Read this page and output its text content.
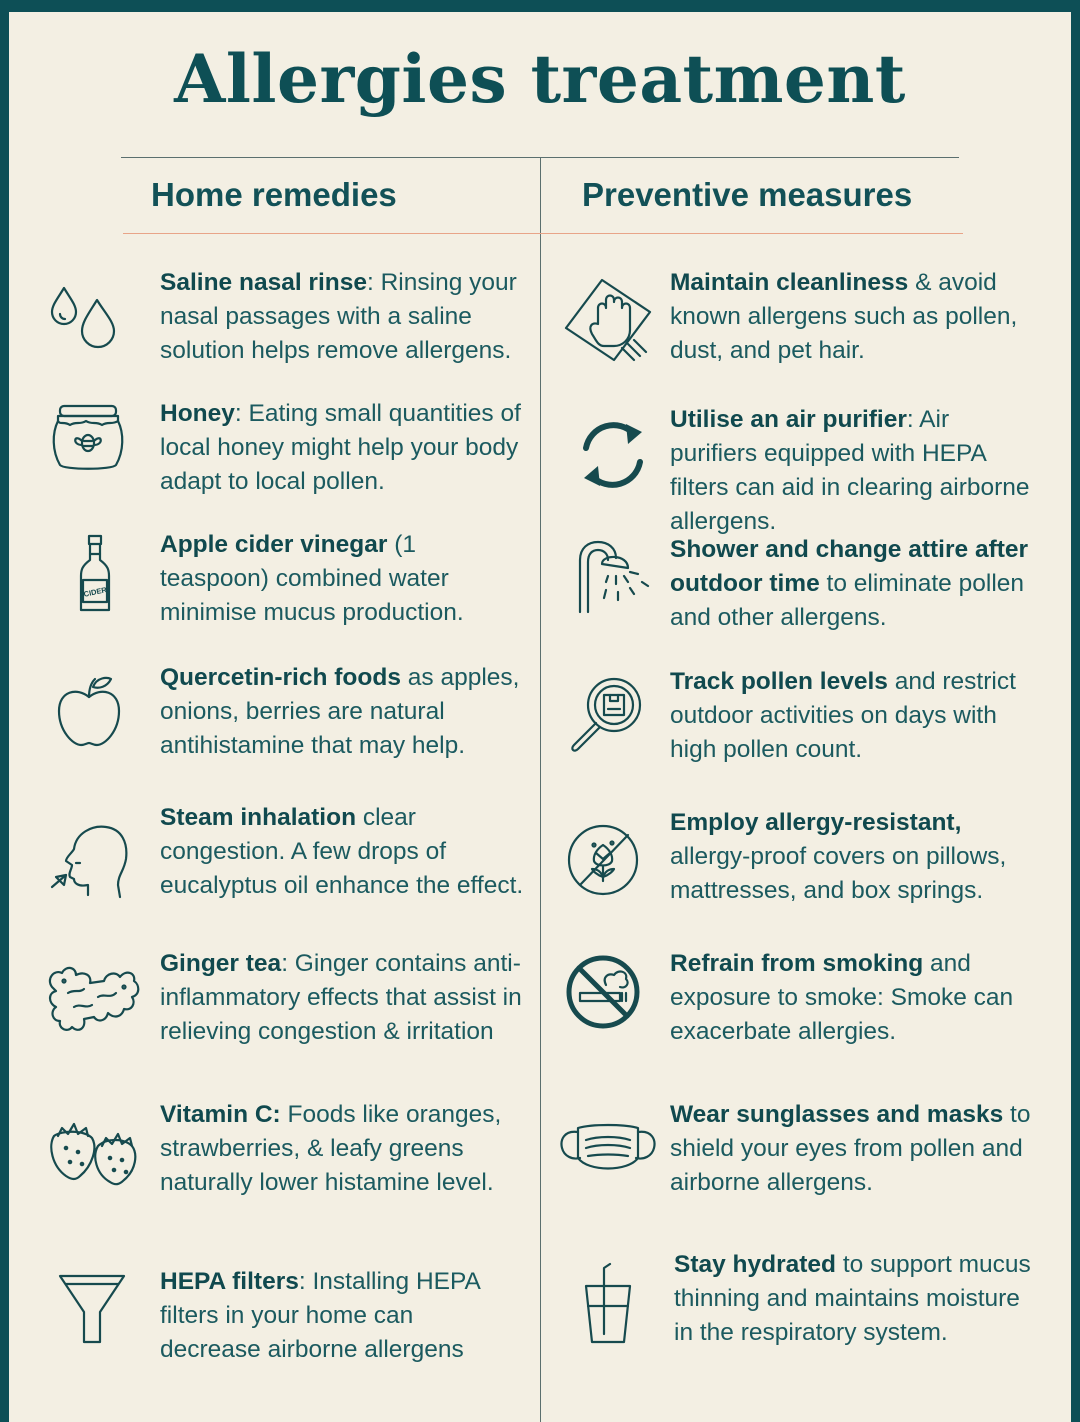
Allergies treatment
Home remedies	Preventive measures
Saline nasal rinse: Rinsing your nasal passages with a saline solution helps remove allergens.
Honey: Eating small quantities of local honey might help your body adapt to local pollen.
Apple cider vinegar (1 teaspoon) combined water minimise mucus production.
Quercetin-rich foods as apples, onions, berries are natural antihistamine that may help.
Steam inhalation clear congestion. A few drops of eucalyptus oil enhance the effect.
Ginger tea: Ginger contains anti-inflammatory effects that assist in relieving congestion & irritation
Vitamin C: Foods like oranges, strawberries, & leafy greens naturally lower histamine level.
HEPA filters: Installing HEPA filters in your home can decrease airborne allergens
Maintain cleanliness & avoid known allergens such as pollen, dust, and pet hair.
Utilise an air purifier: Air purifiers equipped with HEPA filters can aid in clearing airborne allergens.
Shower and change attire after outdoor time to eliminate pollen and other allergens.
Track pollen levels and restrict outdoor activities on days with high pollen count.
Employ allergy-resistant, allergy-proof covers on pillows, mattresses, and box springs.
Refrain from smoking and exposure to smoke: Smoke can exacerbate allergies.
Wear sunglasses and masks to shield your eyes from pollen and airborne allergens.
Stay hydrated to support mucus thinning and maintains moisture in the respiratory system.
CIDER
